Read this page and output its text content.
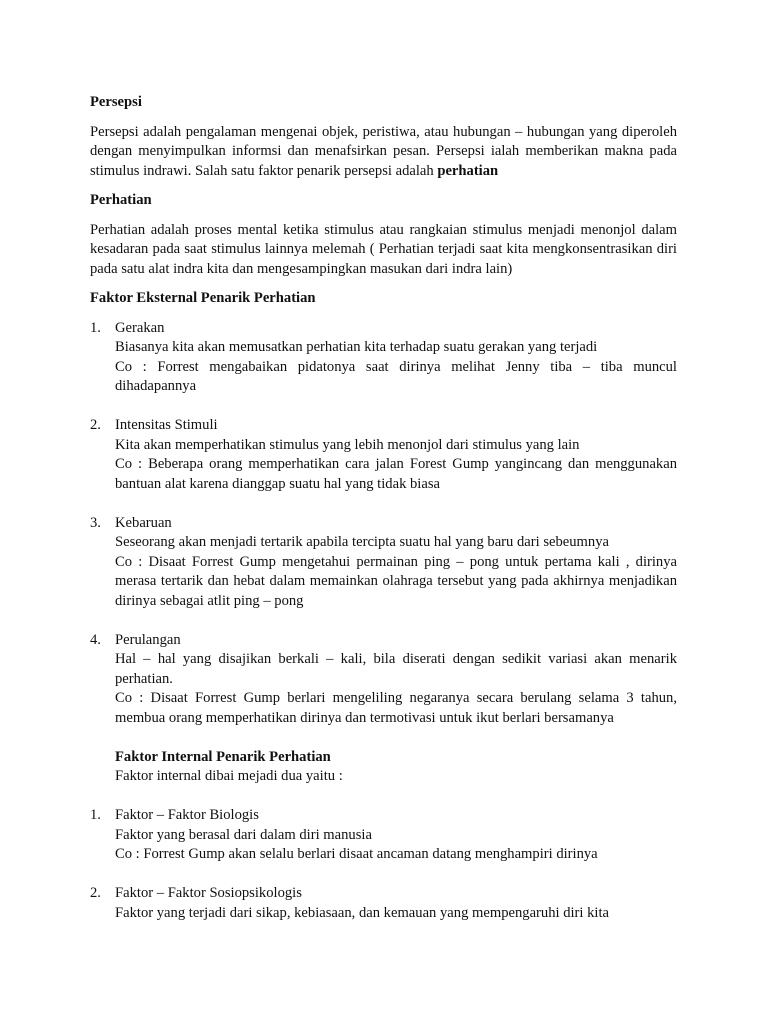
Persepsi

Persepsi adalah pengalaman mengenai objek, peristiwa, atau hubungan – hubungan yang diperoleh dengan menyimpulkan informsi dan menafsirkan pesan. Persepsi ialah memberikan makna pada stimulus indrawi. Salah satu faktor penarik persepsi adalah perhatian

Perhatian

Perhatian adalah proses mental ketika stimulus atau rangkaian stimulus menjadi menonjol dalam kesadaran pada saat stimulus lainnya melemah ( Perhatian terjadi saat kita mengkonsentrasikan diri pada satu alat indra kita dan mengesampingkan masukan dari indra lain)

Faktor Eksternal Penarik Perhatian
1. Gerakan
Biasanya kita akan memusatkan perhatian kita terhadap suatu gerakan yang terjadi
Co : Forrest mengabaikan pidatonya saat dirinya melihat Jenny tiba – tiba muncul dihadapannya
2. Intensitas Stimuli
Kita akan memperhatikan stimulus yang lebih menonjol dari stimulus yang lain
Co : Beberapa orang memperhatikan cara jalan Forest Gump yangincang dan menggunakan bantuan alat karena dianggap suatu hal yang tidak biasa
3. Kebaruan
Seseorang akan menjadi tertarik apabila tercipta suatu hal yang baru dari sebeumnya
Co : Disaat Forrest Gump mengetahui permainan ping – pong untuk pertama kali , dirinya merasa tertarik dan hebat dalam memainkan olahraga tersebut yang pada akhirnya menjadikan dirinya sebagai atlit ping – pong
4. Perulangan
Hal – hal yang disajikan berkali – kali, bila diserati dengan sedikit variasi akan menarik perhatian.
Co : Disaat Forrest Gump berlari mengeliling negaranya secara berulang selama 3 tahun, membua orang memperhatikan dirinya dan termotivasi untuk ikut berlari bersamanya
Faktor Internal Penarik Perhatian
Faktor internal dibai mejadi dua yaitu :
1. Faktor – Faktor Biologis
Faktor yang berasal dari dalam diri manusia
Co : Forrest Gump akan selalu berlari disaat ancaman datang menghampiri dirinya
2. Faktor – Faktor Sosiopsikologis
Faktor yang terjadi dari sikap, kebiasaan, dan kemauan yang mempengaruhi diri kita
